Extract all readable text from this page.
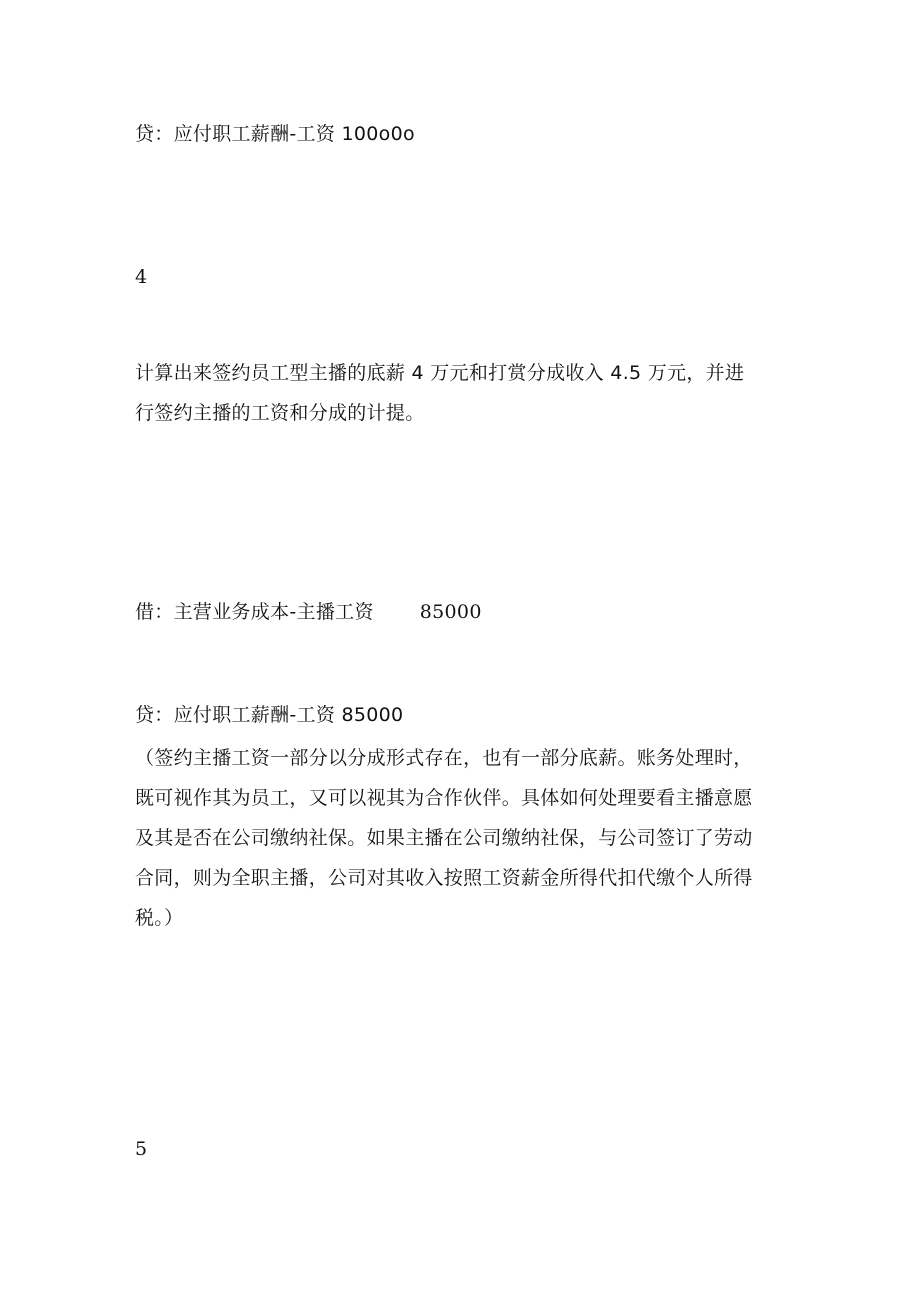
贷：应付职工薪酬-工资 100o0o

4

计算出来签约员工型主播的底薪 4 万元和打赏分成收入 4.5 万元，并进
行签约主播的工资和分成的计提。

借：主营业务成本-主播工资 85000

贷：应付职工薪酬-工资 85000

（签约主播工资一部分以分成形式存在，也有一部分底薪。账务处理时，
既可视作其为员工，又可以视其为合作伙伴。具体如何处理要看主播意愿
及其是否在公司缴纳社保。如果主播在公司缴纳社保，与公司签订了劳动
合同，则为全职主播，公司对其收入按照工资薪金所得代扣代缴个人所得
税。）

5
